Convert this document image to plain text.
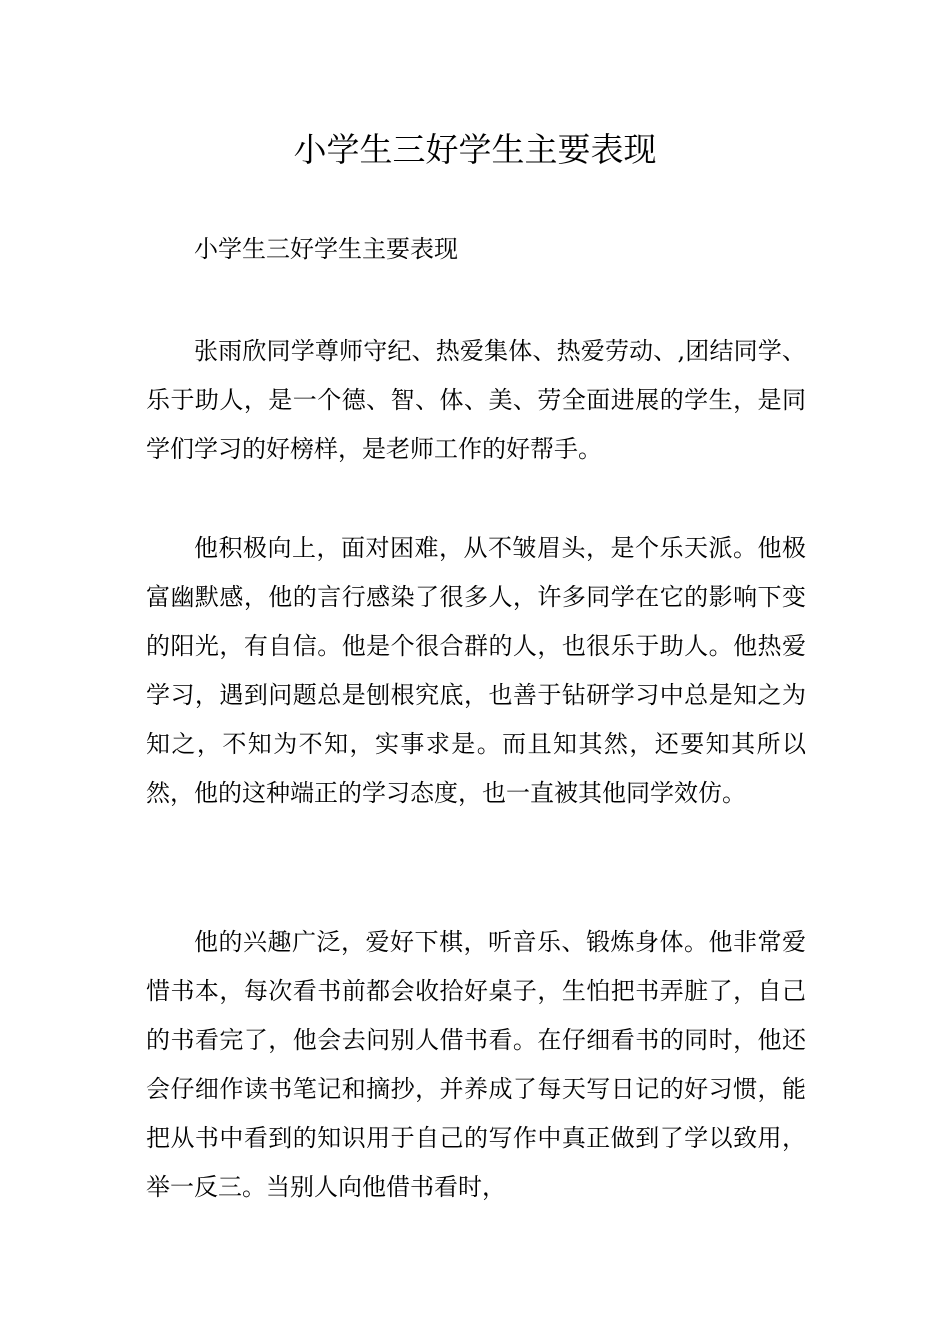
小学生三好学生主要表现

小学生三好学生主要表现

张雨欣同学尊师守纪、热爱集体、热爱劳动、,团结同学、乐于助人，是一个德、智、体、美、劳全面进展的学生，是同学们学习的好榜样，是老师工作的好帮手。

他积极向上，面对困难，从不皱眉头，是个乐天派。他极富幽默感，他的言行感染了很多人，许多同学在它的影响下变的阳光，有自信。他是个很合群的人，也很乐于助人。他热爱学习，遇到问题总是刨根究底，也善于钻研学习中总是知之为知之，不知为不知，实事求是。而且知其然，还要知其所以然，他的这种端正的学习态度，也一直被其他同学效仿。

他的兴趣广泛，爱好下棋，听音乐、锻炼身体。他非常爱惜书本，每次看书前都会收拾好桌子，生怕把书弄脏了，自己的书看完了，他会去问别人借书看。在仔细看书的同时，他还会仔细作读书笔记和摘抄，并养成了每天写日记的好习惯，能把从书中看到的知识用于自己的写作中真正做到了学以致用，举一反三。当别人向他借书看时，
